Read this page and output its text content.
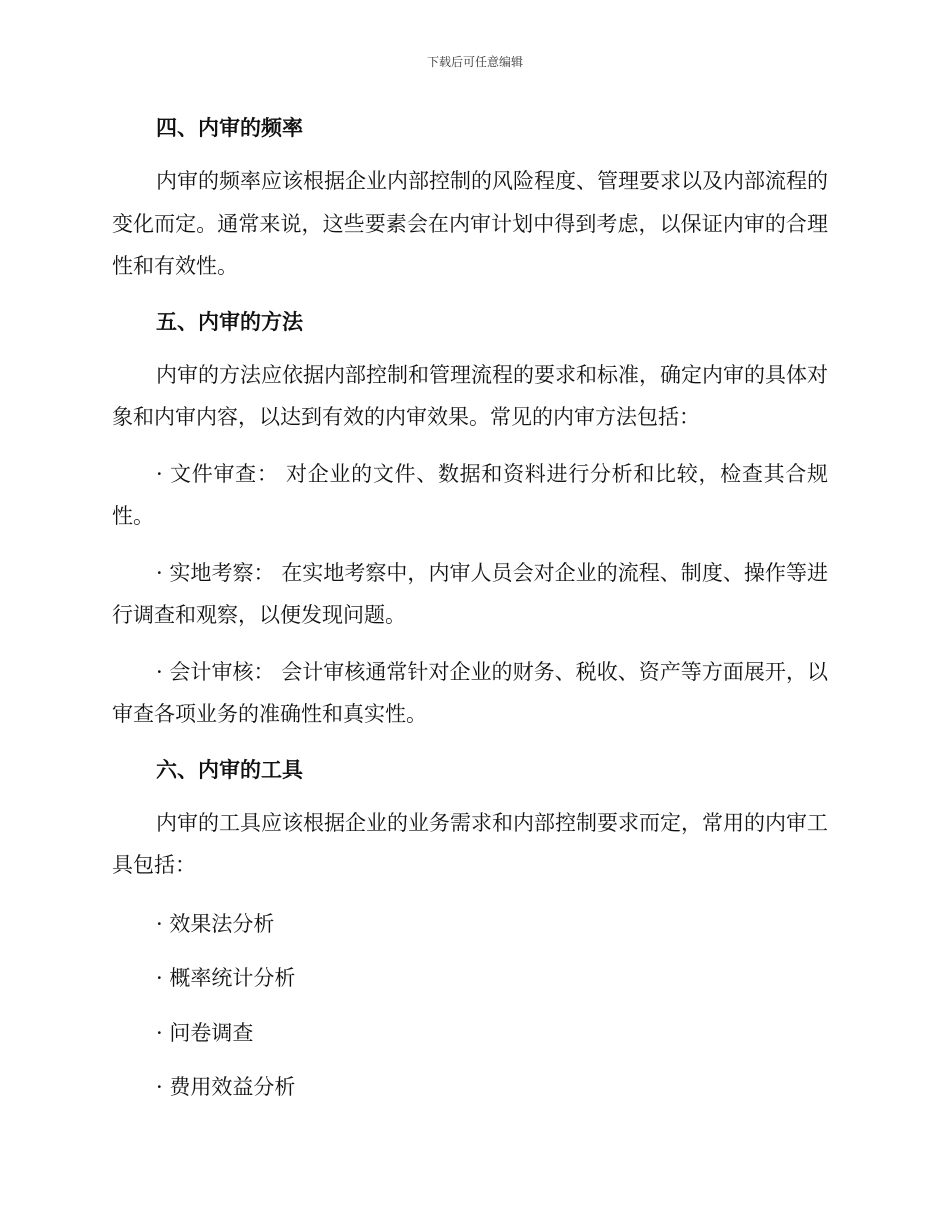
下载后可任意编辑

四、内审的频率

内审的频率应该根据企业内部控制的风险程度、管理要求以及内部流程的变化而定。通常来说，这些要素会在内审计划中得到考虑，以保证内审的合理性和有效性。

五、内审的方法

内审的方法应依据内部控制和管理流程的要求和标准，确定内审的具体对象和内审内容，以达到有效的内审效果。常见的内审方法包括：

· 文件审查： 对企业的文件、数据和资料进行分析和比较，检查其合规性。

· 实地考察： 在实地考察中，内审人员会对企业的流程、制度、操作等进行调查和观察，以便发现问题。

· 会计审核： 会计审核通常针对企业的财务、税收、资产等方面展开，以审查各项业务的准确性和真实性。

六、内审的工具

内审的工具应该根据企业的业务需求和内部控制要求而定，常用的内审工具包括：

· 效果法分析

· 概率统计分析

· 问卷调查

· 费用效益分析
